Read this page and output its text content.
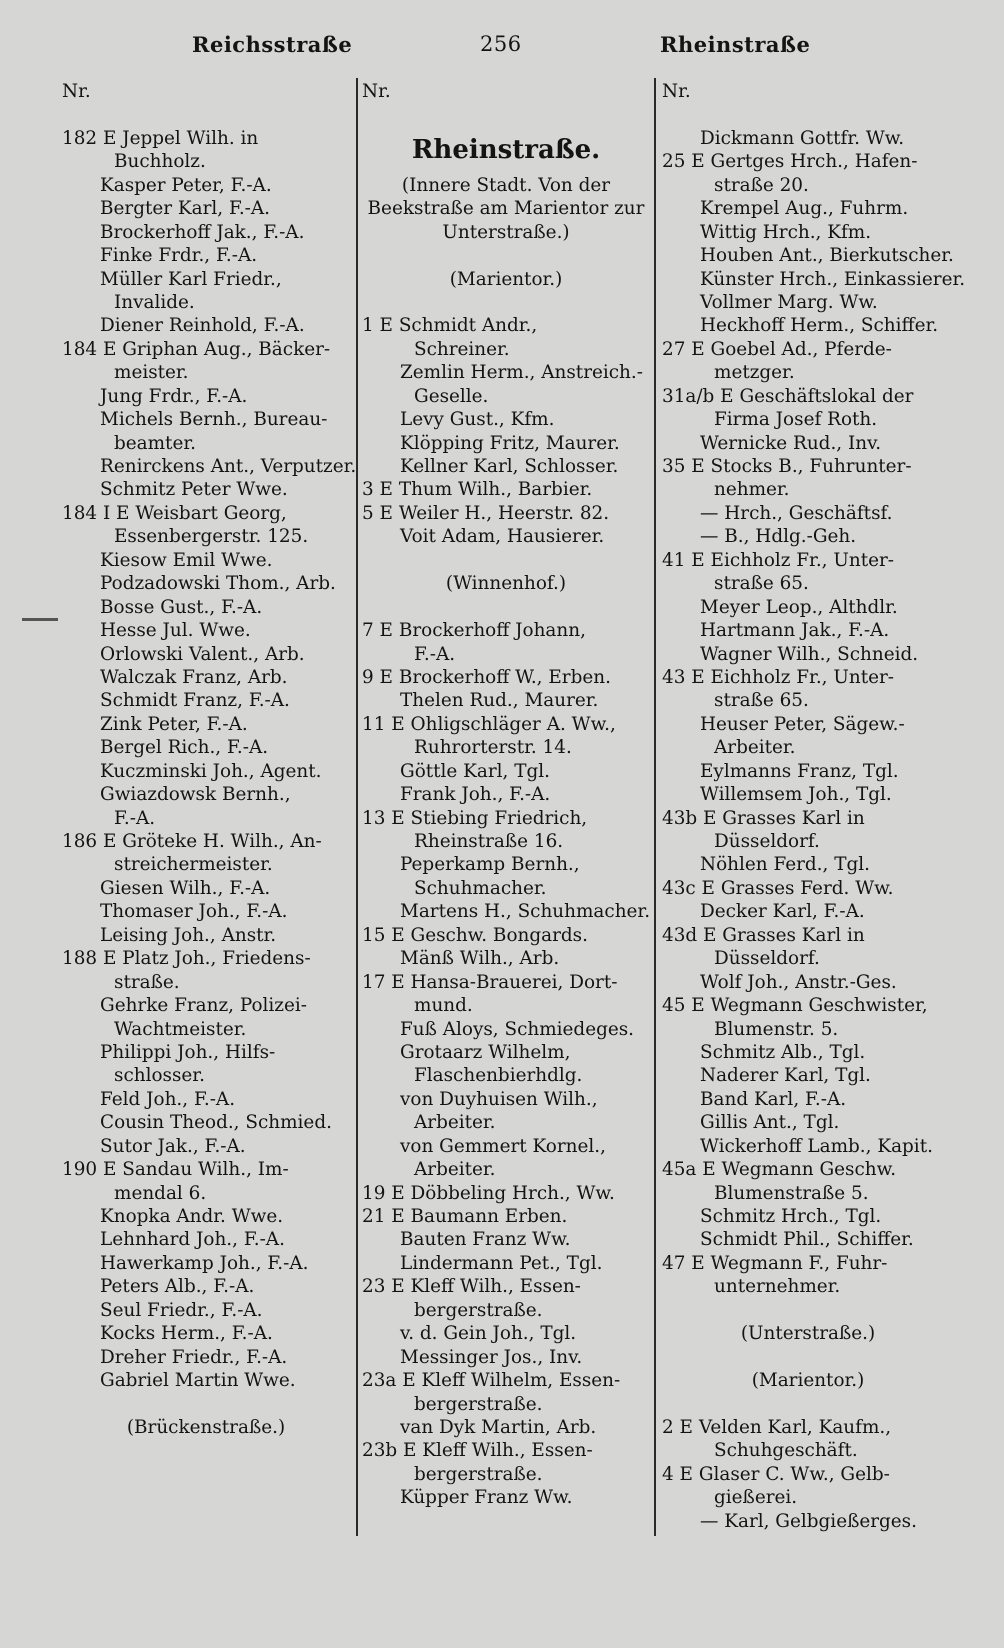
Reichsstraße	256	Rheinstraße
Nr.
182 E Jeppel Wilh. in
Buchholz.
Kasper Peter, F.-A.
Bergter Karl, F.-A.
Brockerhoff Jak., F.-A.
Finke Frdr., F.-A.
Müller Karl Friedr.,
Invalide.
Diener Reinhold, F.-A.
184 E Griphan Aug., Bäcker-
meister.
Jung Frdr., F.-A.
Michels Bernh., Bureau-
beamter.
Renirckens Ant., Verputzer.
Schmitz Peter Wwe.
184 I E Weisbart Georg,
Essenbergerstr. 125.
Kiesow Emil Wwe.
Podzadowski Thom., Arb.
Bosse Gust., F.-A.
Hesse Jul. Wwe.
Orlowski Valent., Arb.
Walczak Franz, Arb.
Schmidt Franz, F.-A.
Zink Peter, F.-A.
Bergel Rich., F.-A.
Kuczminski Joh., Agent.
Gwiazdowsk Bernh.,
F.-A.
186 E Gröteke H. Wilh., An-
streichermeister.
Giesen Wilh., F.-A.
Thomaser Joh., F.-A.
Leising Joh., Anstr.
188 E Platz Joh., Friedens-
straße.
Gehrke Franz, Polizei-
Wachtmeister.
Philippi Joh., Hilfs-
schlosser.
Feld Joh., F.-A.
Cousin Theod., Schmied.
Sutor Jak., F.-A.
190 E Sandau Wilh., Im-
mendal 6.
Knopka Andr. Wwe.
Lehnhard Joh., F.-A.
Hawerkamp Joh., F.-A.
Peters Alb., F.-A.
Seul Friedr., F.-A.
Kocks Herm., F.-A.
Dreher Friedr., F.-A.
Gabriel Martin Wwe.
(Brückenstraße.)
Nr.
Rheinstraße.
(Innere Stadt. Von der
Beekstraße am Marientor zur
Unterstraße.)
(Marientor.)
1 E Schmidt Andr.,
Schreiner.
Zemlin Herm., Anstreich.-
Geselle.
Levy Gust., Kfm.
Klöpping Fritz, Maurer.
Kellner Karl, Schlosser.
3 E Thum Wilh., Barbier.
5 E Weiler H., Heerstr. 82.
Voit Adam, Hausierer.
(Winnenhof.)
7 E Brockerhoff Johann,
F.-A.
9 E Brockerhoff W., Erben.
Thelen Rud., Maurer.
11 E Ohligschläger A. Ww.,
Ruhrorterstr. 14.
Göttle Karl, Tgl.
Frank Joh., F.-A.
13 E Stiebing Friedrich,
Rheinstraße 16.
Peperkamp Bernh.,
Schuhmacher.
Martens H., Schuhmacher.
15 E Geschw. Bongards.
Mänß Wilh., Arb.
17 E Hansa-Brauerei, Dort-
mund.
Fuß Aloys, Schmiedeges.
Grotaarz Wilhelm,
Flaschenbierhdlg.
von Duyhuisen Wilh.,
Arbeiter.
von Gemmert Kornel.,
Arbeiter.
19 E Döbbeling Hrch., Ww.
21 E Baumann Erben.
Bauten Franz Ww.
Lindermann Pet., Tgl.
23 E Kleff Wilh., Essen-
bergerstraße.
v. d. Gein Joh., Tgl.
Messinger Jos., Inv.
23a E Kleff Wilhelm, Essen-
bergerstraße.
van Dyk Martin, Arb.
23b E Kleff Wilh., Essen-
bergerstraße.
Küpper Franz Ww.
Nr.
Dickmann Gottfr. Ww.
25 E Gertges Hrch., Hafen-
straße 20.
Krempel Aug., Fuhrm.
Wittig Hrch., Kfm.
Houben Ant., Bierkutscher.
Künster Hrch., Einkassierer.
Vollmer Marg. Ww.
Heckhoff Herm., Schiffer.
27 E Goebel Ad., Pferde-
metzger.
31a/b E Geschäftslokal der
Firma Josef Roth.
Wernicke Rud., Inv.
35 E Stocks B., Fuhrunter-
nehmer.
— Hrch., Geschäftsf.
— B., Hdlg.-Geh.
41 E Eichholz Fr., Unter-
straße 65.
Meyer Leop., Althdlr.
Hartmann Jak., F.-A.
Wagner Wilh., Schneid.
43 E Eichholz Fr., Unter-
straße 65.
Heuser Peter, Sägew.-
Arbeiter.
Eylmanns Franz, Tgl.
Willemsem Joh., Tgl.
43b E Grasses Karl in
Düsseldorf.
Nöhlen Ferd., Tgl.
43c E Grasses Ferd. Ww.
Decker Karl, F.-A.
43d E Grasses Karl in
Düsseldorf.
Wolf Joh., Anstr.-Ges.
45 E Wegmann Geschwister,
Blumenstr. 5.
Schmitz Alb., Tgl.
Naderer Karl, Tgl.
Band Karl, F.-A.
Gillis Ant., Tgl.
Wickerhoff Lamb., Kapit.
45a E Wegmann Geschw.
Blumenstraße 5.
Schmitz Hrch., Tgl.
Schmidt Phil., Schiffer.
47 E Wegmann F., Fuhr-
unternehmer.
(Unterstraße.)
(Marientor.)
2 E Velden Karl, Kaufm.,
Schuhgeschäft.
4 E Glaser C. Ww., Gelb-
gießerei.
— Karl, Gelbgießerges.
